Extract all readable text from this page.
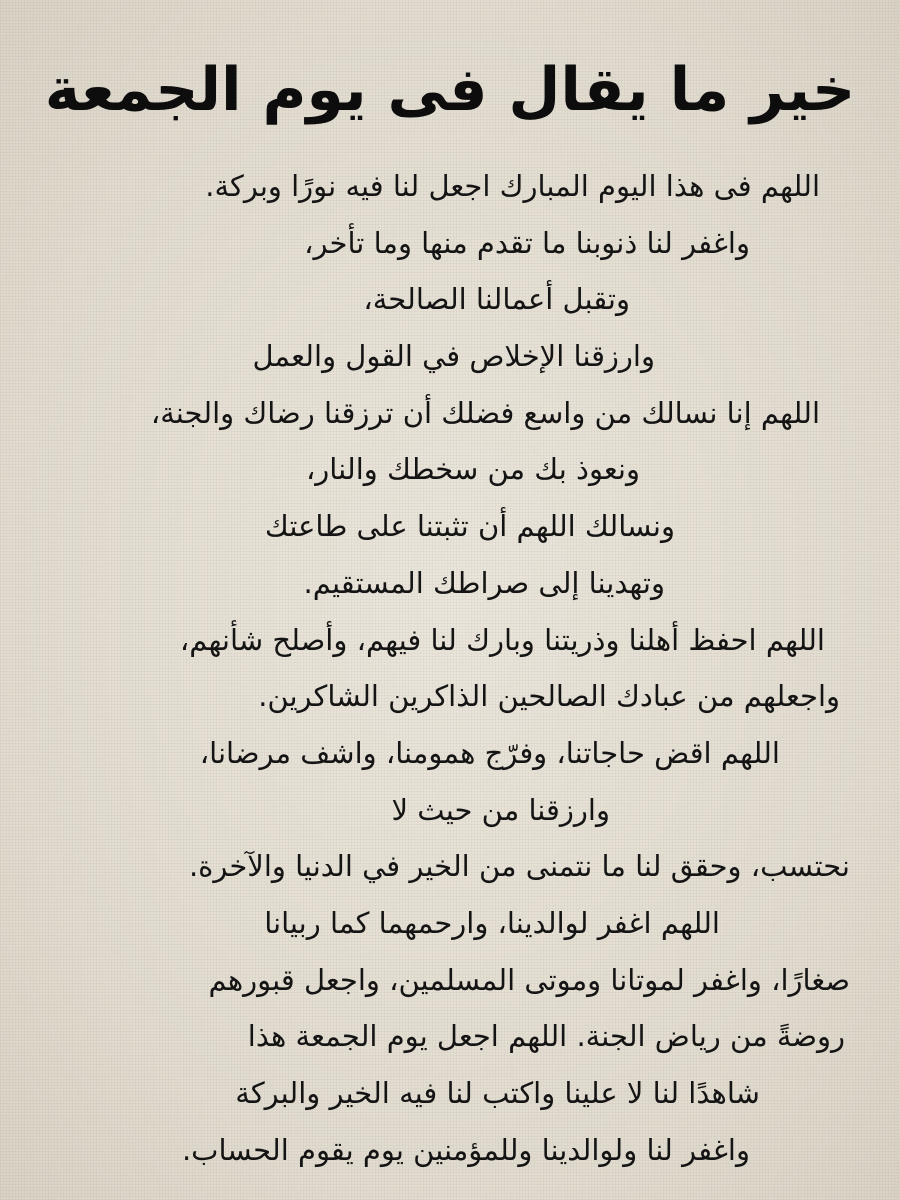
خير ما يقال فى يوم الجمعة
اللهم فى هذا اليوم المبارك اجعل لنا فيه نورًا وبركة.
واغفر لنا ذنوبنا ما تقدم منها وما تأخر،
وتقبل أعمالنا الصالحة،
وارزقنا الإخلاص في القول والعمل
اللهم إنا نسالك من واسع فضلك أن ترزقنا رضاك والجنة،
ونعوذ بك من سخطك والنار،
ونسالك اللهم أن تثبتنا على طاعتك
وتهدينا إلى صراطك المستقيم.
اللهم احفظ أهلنا وذريتنا وبارك لنا فيهم، وأصلح شأنهم،
واجعلهم من عبادك الصالحين الذاكرين الشاكرين.
اللهم اقض حاجاتنا، وفرّج همومنا، واشف مرضانا،
وارزقنا من حيث لا
نحتسب، وحقق لنا ما نتمنى من الخير في الدنيا والآخرة.
اللهم اغفر لوالدينا، وارحمهما كما ربيانا
صغارًا، واغفر لموتانا وموتى المسلمين، واجعل قبورهم
روضةً من رياض الجنة. اللهم اجعل يوم الجمعة هذا
شاهدًا لنا لا علينا واكتب لنا فيه الخير والبركة
واغفر لنا ولوالدينا وللمؤمنين يوم يقوم الحساب.
